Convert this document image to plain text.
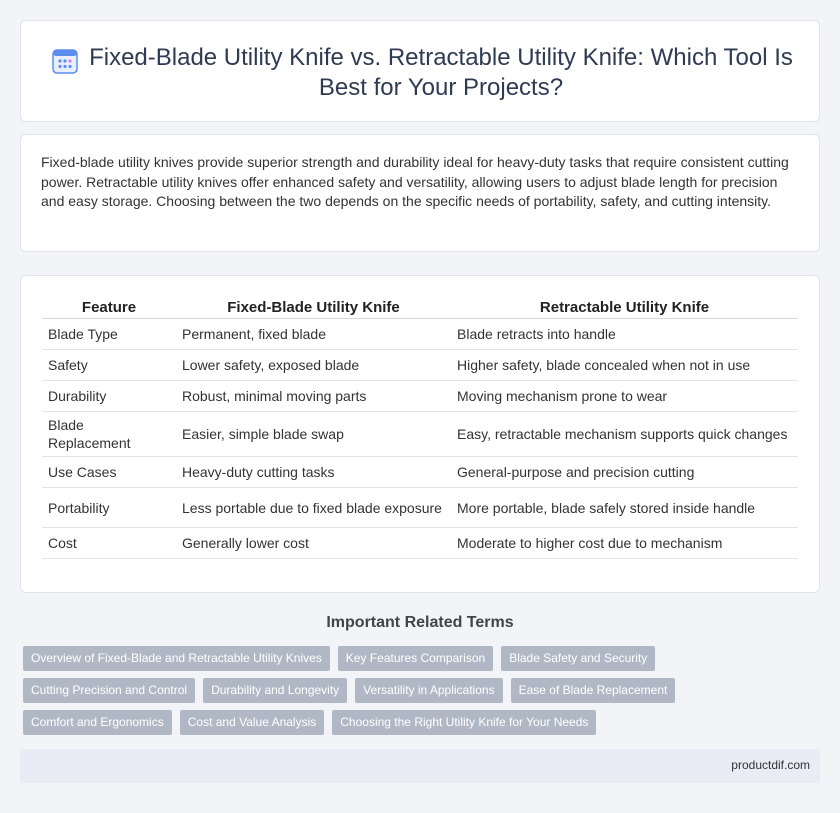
Fixed-Blade Utility Knife vs. Retractable Utility Knife: Which Tool Is Best for Your Projects?

Fixed-blade utility knives provide superior strength and durability ideal for heavy-duty tasks that require consistent cutting power. Retractable utility knives offer enhanced safety and versatility, allowing users to adjust blade length for precision and easy storage. Choosing between the two depends on the specific needs of portability, safety, and cutting intensity.

Feature	Fixed-Blade Utility Knife	Retractable Utility Knife
Blade Type	Permanent, fixed blade	Blade retracts into handle
Safety	Lower safety, exposed blade	Higher safety, blade concealed when not in use
Durability	Robust, minimal moving parts	Moving mechanism prone to wear
Blade Replacement	Easier, simple blade swap	Easy, retractable mechanism supports quick changes
Use Cases	Heavy-duty cutting tasks	General-purpose and precision cutting
Portability	Less portable due to fixed blade exposure	More portable, blade safely stored inside handle
Cost	Generally lower cost	Moderate to higher cost due to mechanism
Important Related Terms
Overview of Fixed-Blade and Retractable Utility Knives	Key Features Comparison	Blade Safety and Security
Cutting Precision and Control	Durability and Longevity	Versatility in Applications	Ease of Blade Replacement
Comfort and Ergonomics	Cost and Value Analysis	Choosing the Right Utility Knife for Your Needs
productdif.com
